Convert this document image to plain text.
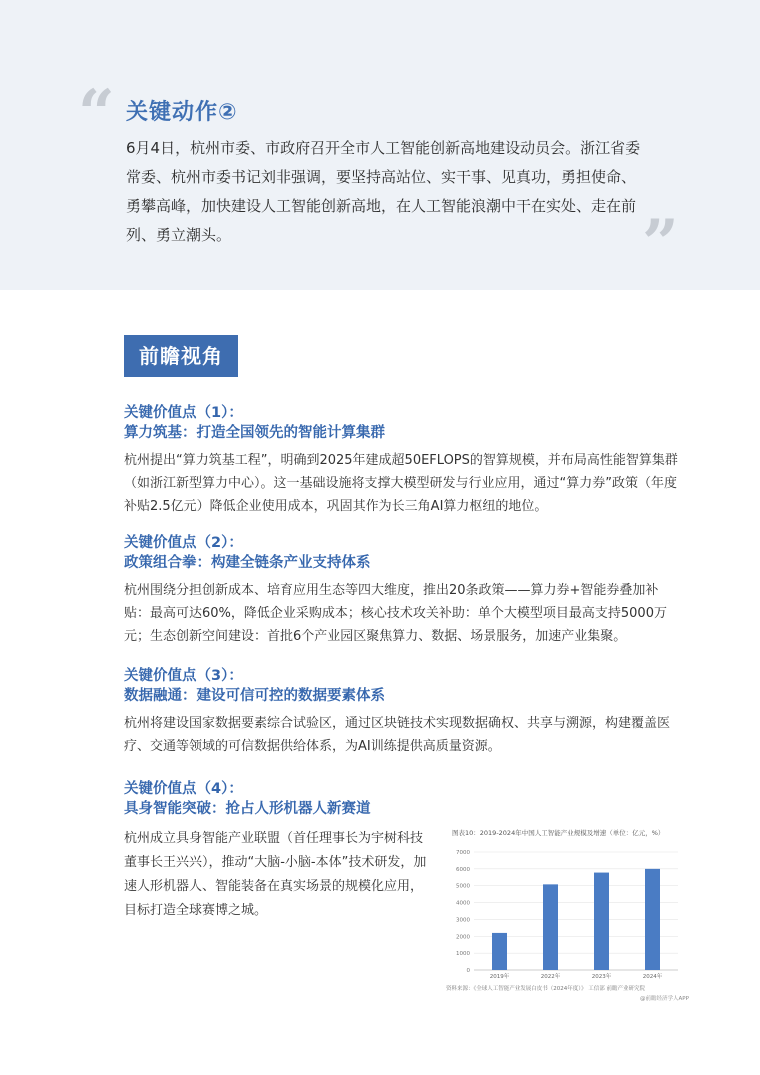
“ 关键动作②

6月4日，杭州市委、市政府召开全市人工智能创新高地建设动员会。浙江省委常委、杭州市委书记刘非强调，要坚持高站位、实干事、见真功，勇担使命、勇攀高峰，加快建设人工智能创新高地，在人工智能浪潮中干在实处、走在前列、勇立潮头。	”
前瞻视角

关键价值点（1）：

算力筑基：打造全国领先的智能计算集群

杭州提出“算力筑基工程”，明确到2025年建成超50EFLOPS的智算规模，并布局高性能智算集群（如浙江新型算力中心）。这一基础设施将支撑大模型研发与行业应用，通过“算力券”政策（年度补贴2.5亿元）降低企业使用成本，巩固其作为长三角AI算力枢纽的地位。

关键价值点（2）：

政策组合拳：构建全链条产业支持体系

杭州围绕分担创新成本、培育应用生态等四大维度，推出20条政策——算力券+智能券叠加补贴：最高可达60%，降低企业采购成本；核心技术攻关补助：单个大模型项目最高支持5000万元；生态创新空间建设：首批6个产业园区聚焦算力、数据、场景服务，加速产业集聚。

关键价值点（3）：

数据融通：建设可信可控的数据要素体系

杭州将建设国家数据要素综合试验区，通过区块链技术实现数据确权、共享与溯源，构建覆盖医疗、交通等领域的可信数据供给体系，为AI训练提供高质量资源。

关键价值点（4）：

具身智能突破：抢占人形机器人新赛道

杭州成立具身智能产业联盟（首任理事长为宇树科技董事长王兴兴），推动“大脑-小脑-本体”技术研发，加速人形机器人、智能装备在真实场景的规模化应用，目标打造全球赛博之城。

图表10：2019-2024年中国人工智能产业规模及增速（单位：亿元，%）

0
1000
2000
3000
4000
5000
6000
7000
2019年	2022年	2023年	2024年

资料来源：《全球人工智能产业发展白皮书（2024年度）》 工信部 前瞻产业研究院

@前瞻经济学人APP
